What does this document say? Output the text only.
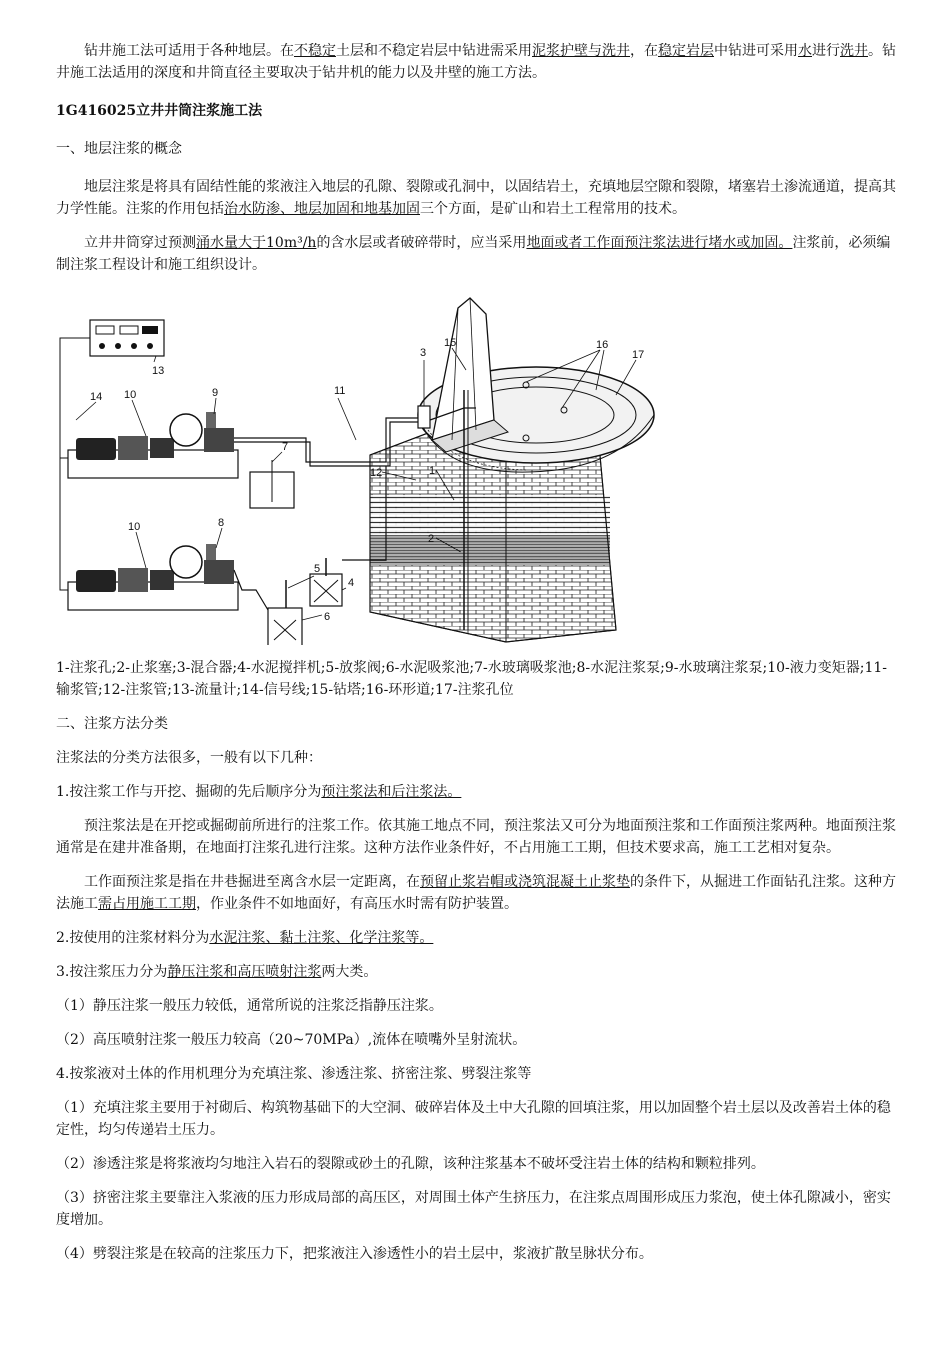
钻井施工法可适用于各种地层。在不稳定土层和不稳定岩层中钻进需采用泥浆护壁与洗井，在稳定岩层中钻进可采用水进行洗井。钻井施工法适用的深度和井筒直径主要取决于钻井机的能力以及井壁的施工方法。

1G416025立井井筒注浆施工法

一、地层注浆的概念

地层注浆是将具有固结性能的浆液注入地层的孔隙、裂隙或孔洞中，以固结岩土，充填地层空隙和裂隙，堵塞岩土渗流通道，提高其力学性能。注浆的作用包括治水防渗、地层加固和地基加固三个方面，是矿山和岩土工程常用的技术。

立井井筒穿过预测涌水量大于10m³/h的含水层或者破碎带时，应当采用地面或者工作面预注浆法进行堵水或加固。注浆前，必须编制注浆工程设计和施工组织设计。

1
2
3
4
5
6
7
8
9
10
10
11
12
13
14
15	16
17

1-注浆孔;2-止浆塞;3-混合器;4-水泥搅拌机;5-放浆阀;6-水泥吸浆池;7-水玻璃吸浆池;8-水泥注浆泵;9-水玻璃注浆泵;10-液力变矩器;11-输浆管;12-注浆管;13-流量计;14-信号线;15-钻塔;16-环形道;17-注浆孔位

二、注浆方法分类

注浆法的分类方法很多，一般有以下几种：

1.按注浆工作与开挖、掘砌的先后顺序分为预注浆法和后注浆法。

预注浆法是在开挖或掘砌前所进行的注浆工作。依其施工地点不同，预注浆法又可分为地面预注浆和工作面预注浆两种。地面预注浆通常是在建井准备期，在地面打注浆孔进行注浆。这种方法作业条件好，不占用施工工期，但技术要求高，施工工艺相对复杂。

工作面预注浆是指在井巷掘进至离含水层一定距离，在预留止浆岩帽或浇筑混凝土止浆垫的条件下，从掘进工作面钻孔注浆。这种方法施工需占用施工工期，作业条件不如地面好，有高压水时需有防护装置。

2.按使用的注浆材料分为水泥注浆、黏土注浆、化学注浆等。

3.按注浆压力分为静压注浆和高压喷射注浆两大类。

（1）静压注浆一般压力较低，通常所说的注浆泛指静压注浆。

（2）高压喷射注浆一般压力较高（20~70MPa）,流体在喷嘴外呈射流状。

4.按浆液对土体的作用机理分为充填注浆、渗透注浆、挤密注浆、劈裂注浆等

（1）充填注浆主要用于衬砌后、构筑物基础下的大空洞、破碎岩体及土中大孔隙的回填注浆，用以加固整个岩土层以及改善岩土体的稳定性，均匀传递岩土压力。

（2）渗透注浆是将浆液均匀地注入岩石的裂隙或砂土的孔隙，该种注浆基本不破坏受注岩土体的结构和颗粒排列。

（3）挤密注浆主要靠注入浆液的压力形成局部的高压区，对周围土体产生挤压力，在注浆点周围形成压力浆泡，使土体孔隙减小，密实度增加。

（4）劈裂注浆是在较高的注浆压力下，把浆液注入渗透性小的岩土层中，浆液扩散呈脉状分布。
